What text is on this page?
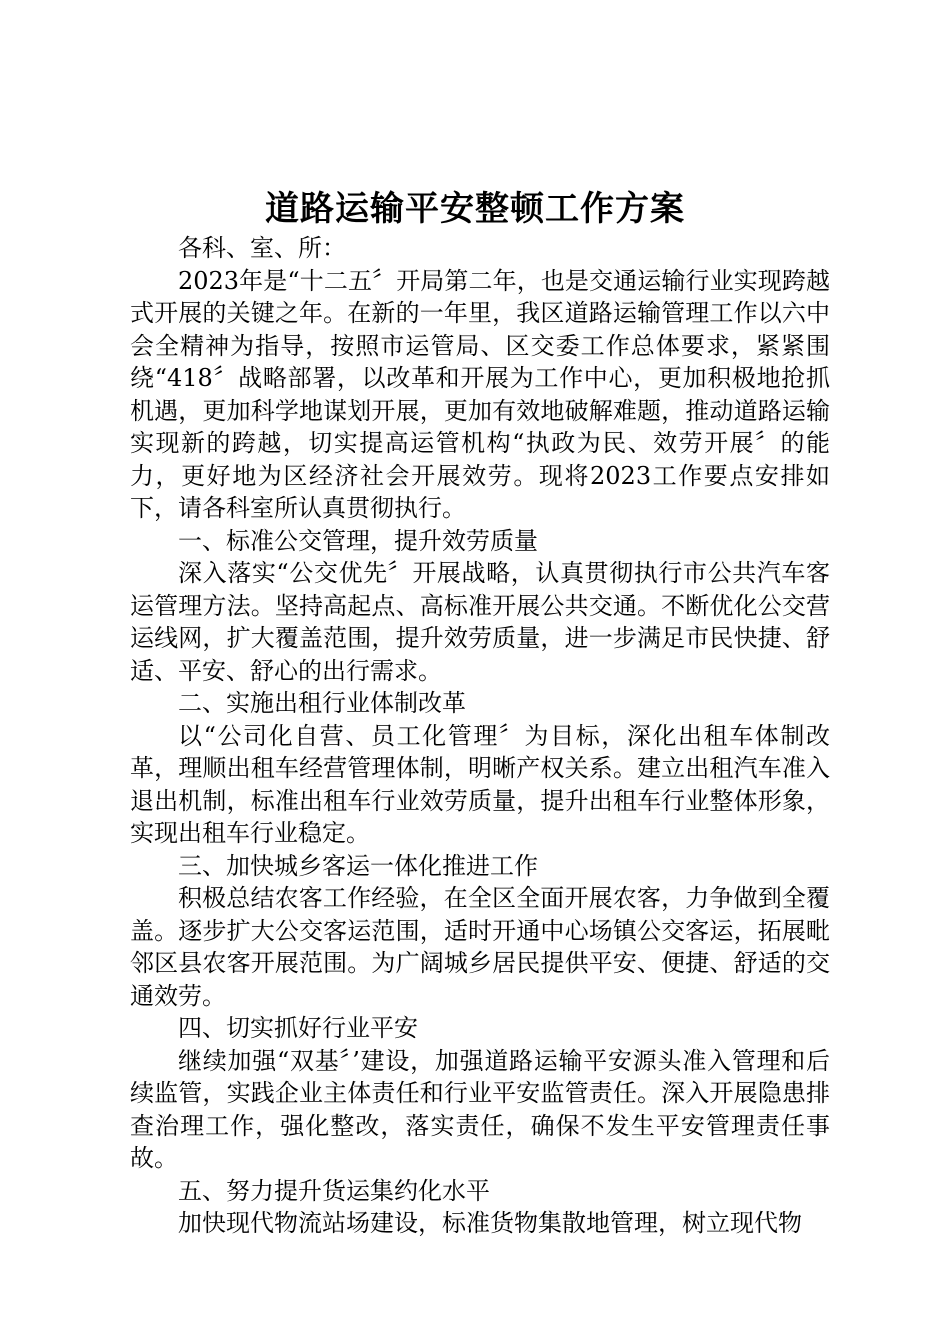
道路运输平安整顿工作方案

各科、室、所：

2023年是“十二五〞开局第二年，也是交通运输行业实现跨越式开展的关键之年。在新的一年里，我区道路运输管理工作以六中会全精神为指导，按照市运管局、区交委工作总体要求，紧紧围绕“418〞战略部署，以改革和开展为工作中心，更加积极地抢抓机遇，更加科学地谋划开展，更加有效地破解难题，推动道路运输实现新的跨越，切实提高运管机构“执政为民、效劳开展〞的能力，更好地为区经济社会开展效劳。现将2023工作要点安排如下，请各科室所认真贯彻执行。

一、标准公交管理，提升效劳质量

深入落实“公交优先〞开展战略，认真贯彻执行市公共汽车客运管理方法。坚持高起点、高标准开展公共交通。不断优化公交营运线网，扩大覆盖范围，提升效劳质量，进一步满足市民快捷、舒适、平安、舒心的出行需求。

二、实施出租行业体制改革

以“公司化自营、员工化管理〞为目标，深化出租车体制改革，理顺出租车经营管理体制，明晰产权关系。建立出租汽车准入退出机制，标准出租车行业效劳质量，提升出租车行业整体形象，实现出租车行业稳定。

三、加快城乡客运一体化推进工作

积极总结农客工作经验，在全区全面开展农客，力争做到全覆盖。逐步扩大公交客运范围，适时开通中心场镇公交客运，拓展毗邻区县农客开展范围。为广阔城乡居民提供平安、便捷、舒适的交通效劳。

四、切实抓好行业平安

继续加强“双基〞’建设，加强道路运输平安源头准入管理和后续监管，实践企业主体责任和行业平安监管责任。深入开展隐患排查治理工作，强化整改，落实责任，确保不发生平安管理责任事故。

五、努力提升货运集约化水平

加快现代物流站场建设，标准货物集散地管理，树立现代物
